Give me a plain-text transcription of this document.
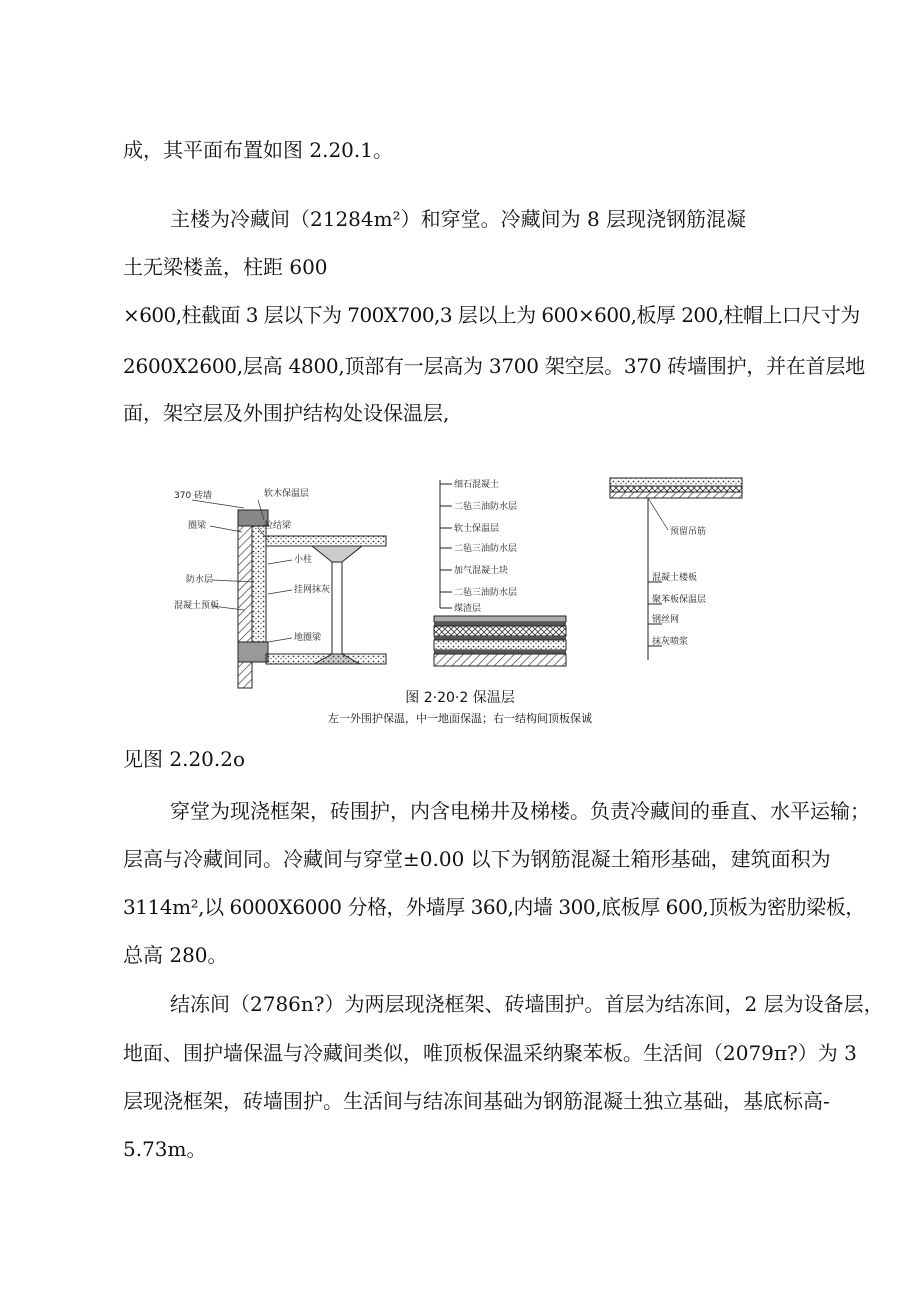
成，其平面布置如图 2.20.1。
主楼为冷藏间（21284m²）和穿堂。冷藏间为 8 层现浇钢筋混凝
土无梁楼盖，柱距 600
×600,柱截面 3 层以下为 700X700,3 层以上为 600×600,板厚 200,柱帽上口尺寸为
2600X2600,层高 4800,顶部有一层高为 3700 架空层。370 砖墙围护，并在首层地
面，架空层及外围护结构处设保温层,
370 砖墙	软木保温层
圈梁	拉结梁
小柱
防水层
挂网抹灰
混凝土预板
地圈梁
细石混凝土
二毡三油防水层
软土保温层
二毡三油防水层
加气混凝土块
二毡三油防水层
煤渣层
预留吊筋
混凝土楼板
聚苯板保温层
钢丝网
抹灰喷浆
图 2·20·2 保温层
左一外围护保温，中一地面保温；右一结构间顶板保诚
见图 2.20.2o
穿堂为现浇框架，砖围护，内含电梯井及梯楼。负责冷藏间的垂直、水平运输；
层高与冷藏间同。冷藏间与穿堂±0.00 以下为钢筋混凝土箱形基础，建筑面积为
3114m²,以 6000X6000 分格，外墙厚 360,内墙 300,底板厚 600,顶板为密肋梁板，
总高 280。
结冻间（2786n?）为两层现浇框架、砖墙围护。首层为结冻间，2 层为设备层，
地面、围护墙保温与冷藏间类似，唯顶板保温采纳聚苯板。生活间（2079π?）为 3
层现浇框架，砖墙围护。生活间与结冻间基础为钢筋混凝土独立基础，基底标高-
5.73m。
